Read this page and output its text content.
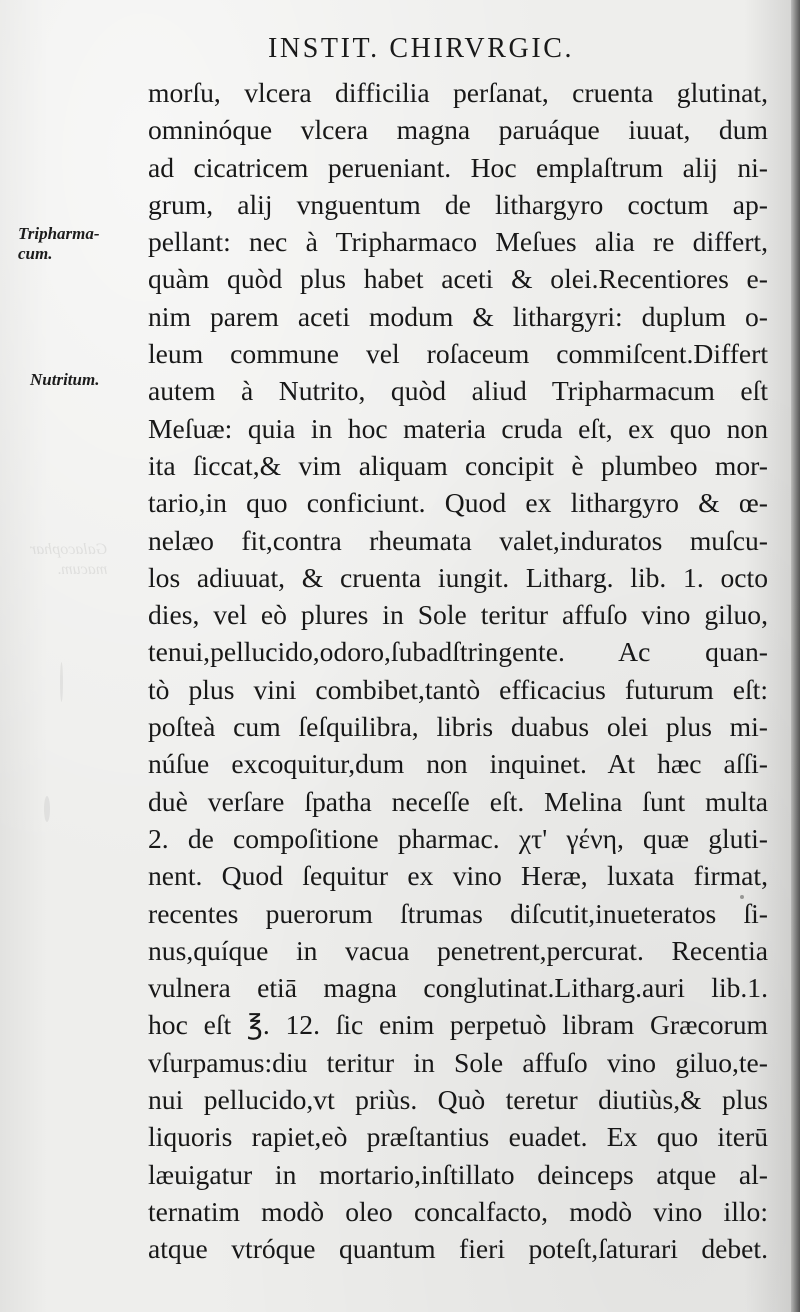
INSTIT. CHIRVRGIC.
Tripharma-
cum.
Nutritum.
Galacophar
macum.
morſu, vlcera difficilia perſanat, cruenta glutinat,
omninóque vlcera magna paruáque iuuat, dum
ad cicatricem perueniant. Hoc emplaſtrum alij ni-
grum, alij vnguentum de lithargyro coctum ap-
pellant: nec à Tripharmaco Meſues alia re differt,
quàm quòd plus habet aceti & olei.Recentiores e-
nim parem aceti modum & lithargyri: duplum o-
leum commune vel roſaceum commiſcent.Differt
autem à Nutrito, quòd aliud Tripharmacum eſt
Meſuæ: quia in hoc materia cruda eſt, ex quo non
ita ſiccat,& vim aliquam concipit è plumbeo mor-
tario,in quo conficiunt. Quod ex lithargyro & œ-
nelæo fit,contra rheumata valet,induratos muſcu-
los adiuuat, & cruenta iungit. Litharg. lib. 1. octo
dies, vel eò plures in Sole teritur affuſo vino giluo,
tenui,pellucido,odoro,ſubadſtringente. Ac quan-
tò plus vini combibet,tantò efficacius futurum eſt:
poſteà cum ſeſquilibra, libris duabus olei plus mi-
núſue excoquitur,dum non inquinet. At hæc aſſi-
duè verſare ſpatha neceſſe eſt. Melina ſunt multa
2. de compoſitione pharmac. χτ' γένη, quæ gluti-
nent. Quod ſequitur ex vino Heræ, luxata firmat,
recentes puerorum ſtrumas diſcutit,inueteratos ſi-
nus,quíque in vacua penetrent,percurat. Recentia
vulnera etiā magna conglutinat.Litharg.auri lib.1.
hoc eſt ℥. 12. ſic enim perpetuò libram Græcorum
vſurpamus:diu teritur in Sole affuſo vino giluo,te-
nui pellucido,vt priùs. Quò teretur diutiùs,& plus
liquoris rapiet,eò præſtantius euadet. Ex quo iterū
læuigatur in mortario,inſtillato deinceps atque al-
ternatim modò oleo concalfacto, modò vino illo:
atque vtróque quantum fieri poteſt,ſaturari debet.
